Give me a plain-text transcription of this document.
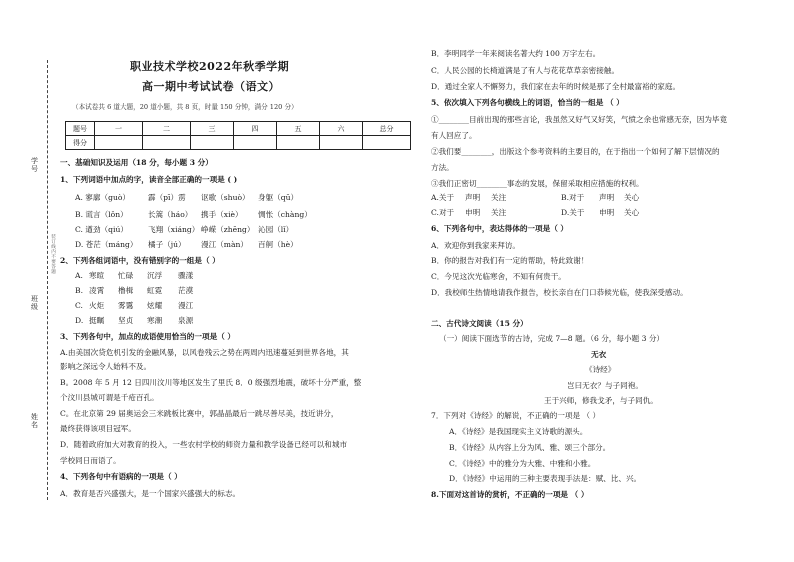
学号
装订线内不要答题
班级
姓名
职业技术学校2022年秋季学期
高一期中考试试卷（语文）
（本试卷共 6 道大题，20 道小题，共 8 页，时量 150 分钟，满分 120 分）
题号	一	二	三	四	五	六	总分
得分							
一、基础知识及运用（18 分，每小题 3 分）
1、下列词语中加点的字，读音全部正确的一项是 ( )
A. 寥廓（guò） 霹（pī）雳 讴歌（shuò） 身躯（qū）
B. 谎言（lǒn）	长篙（háo） 携手（xiè） 惆怅（chàng）
C. 遒劲（qiú）	飞翔（xiáng） 峥嵘（zhēng） 沁园（lǐ）
D. 苍茫（máng） 橘子（jú） 漫江（màn） 百舸（hè）
2、下列各组词语中，没有错别字的一组是（ ）
A. 寒暄 忙碌 沉浮 骤漾
B. 凌霄 橹楫 虹霓 茫漠
C. 火炬 雾霭 炫耀 漫江
D. 挺瞩 坚贞 寒潮 泉源
3、下列各句中，加点的成语使用恰当的一项是（ ）
A.由美国次贷危机引发的金融风暴，以风卷残云之势在两周内迅速蔓延到世界各地，其
影响之深远令人始料不及。
B。2008 年 5 月 12 日四川汶川等地区发生了里氏 8．0 级强烈地震，破坏十分严重，整
个汶川县城可谓是千疮百孔。
C。在北京第 29 届奥运会三米跳板比赛中，郭晶晶最后一跳尽善尽美，技近讲分，
最终获得该项目冠军。
D．随着政府加大对教育的投入，一些农村学校的师资力量和教学设备已经可以和城市
学校同日而语了。
4、下列各句中有语病的一项是（ ）
A．教育是否兴盛强大，是一个国家兴盛强大的标志。
B．李明同学一年来阅读名著大约 100 万字左右。
C．人民公园的长椅道满是了有人与花花草草亲密接触。
D．通过全家人不懈努力，我们家在去年的时候是那了全村最富裕的家庭。
5、依次填入下列各句横线上的词语，恰当的一组是 （ ）
①________目前出现的那些言论，我虽然又好气又好笑，气愤之余也常感无奈，因为毕竟
有人回应了。
②我们要________，出版这个参考资料的主要目的，在于指出一个如何了解下层情况的
方法。
③我们正密切________事态的发展，保留采取相应措施的权利。
A.关于 声明 关注	B.对于 声明 关心
C.对于 申明 关注	D.关于 申明 关心
6、下列各句中，表达得体的一项是（ ）
A．欢迎你到我家来拜访。
B．你的报告对我们有一定的帮助，特此致谢！
C．今见这次光临寒舍，不知有何贵干。
D．我校师生热情地请我作报告，校长亲自在门口恭候光临，使我深受感动。
二、古代诗文阅读（15 分）
（一）阅读下面选节的古诗，完成 7—8 题。（6 分，每小题 3 分）
无衣
《诗经》
岂曰无衣？与子同袍。
王于兴师，修我戈矛，与子同仇。
7．下列对《诗经》的解说，不正确的一项是 （ ）
A．《诗经》是我国现实主义诗歌的源头。
B．《诗经》从内容上分为风、雅、颂三个部分。
C．《诗经》中的雅分为大雅、中雅和小雅。
D．《诗经》中运用的三种主要表现手法是：赋、比、兴。
8.下面对这首诗的赏析，不正确的一项是 （ ）
